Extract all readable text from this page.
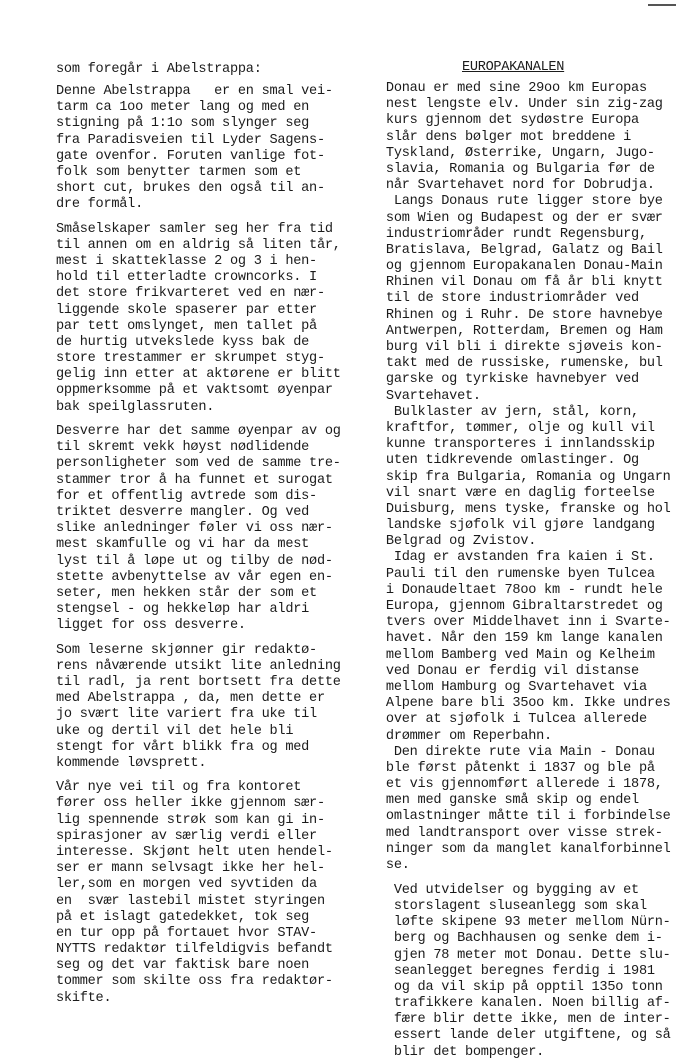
som foregår i Abelstrappa:

Denne Abelstrappa   er en smal vei-
tarm ca 1oo meter lang og med en
stigning på 1:1o som slynger seg
fra Paradisveien til Lyder Sagens-
gate ovenfor. Foruten vanlige fot-
folk som benytter tarmen som et
short cut, brukes den også til an-
dre formål.
Småselskaper samler seg her fra tid
til annen om en aldrig så liten tår,
mest i skatteklasse 2 og 3 i hen-
hold til etterladte crowncorks. I
det store frikvarteret ved en nær-
liggende skole spaserer par etter
par tett omslynget, men tallet på
de hurtig utvekslede kyss bak de
store trestammer er skrumpet styg-
gelig inn etter at aktørene er blitt
oppmerksomme på et vaktsomt øyenpar
bak speilglassruten.
Desverre har det samme øyenpar av og
til skremt vekk høyst nødlidende
personligheter som ved de samme tre-
stammer tror å ha funnet et surogat
for et offentlig avtrede som dis-
triktet desverre mangler. Og ved
slike anledninger føler vi oss nær-
mest skamfulle og vi har da mest
lyst til å løpe ut og tilby de nød-
stette avbenyttelse av vår egen en-
seter, men hekken står der som et
stengsel - og hekkeløp har aldri
ligget for oss desverre.
Som leserne skjønner gir redaktø-
rens nåværende utsikt lite anledning
til radl, ja rent bortsett fra dette
med Abelstrappa , da, men dette er
jo svært lite variert fra uke til
uke og dertil vil det hele bli
stengt for vårt blikk fra og med
kommende løvsprett.
Vår nye vei til og fra kontoret
fører oss heller ikke gjennom sær-
lig spennende strøk som kan gi in-
spirasjoner av særlig verdi eller
interesse. Skjønt helt uten hendel-
ser er mann selvsagt ikke her hel-
ler,som en morgen ved syvtiden da
en  svær lastebil mistet styringen
på et islagt gatedekket, tok seg
en tur opp på fortauet hvor STAV-
NYTTS redaktør tilfeldigvis befandt
seg og det var faktisk bare noen
tommer som skilte oss fra redaktør-
skifte.

EUROPAKANALEN

Donau er med sine 29oo km Europas
nest lengste elv. Under sin zig-zag
kurs gjennom det sydøstre Europa
slår dens bølger mot breddene i
Tyskland, Østerrike, Ungarn, Jugo-
slavia, Romania og Bulgaria før de
når Svartehavet nord for Dobrudja.
Langs Donaus rute ligger store bye
som Wien og Budapest og der er svær
industriområder rundt Regensburg,
Bratislava, Belgrad, Galatz og Bail
og gjennom Europakanalen Donau-Main
Rhinen vil Donau om få år bli knytt
til de store industriområder ved
Rhinen og i Ruhr. De store havnebye
Antwerpen, Rotterdam, Bremen og Ham
burg vil bli i direkte sjøveis kon-
takt med de russiske, rumenske, bul
garske og tyrkiske havnebyer ved
Svartehavet.
Bulklaster av jern, stål, korn,
kraftfor, tømmer, olje og kull vil
kunne transporteres i innlandsskip
uten tidkrevende omlastinger. Og
skip fra Bulgaria, Romania og Ungarn
vil snart være en daglig forteelse
Duisburg, mens tyske, franske og hol
landske sjøfolk vil gjøre landgang
Belgrad og Zvistov.
Idag er avstanden fra kaien i St.
Pauli til den rumenske byen Tulcea
i Donaudeltaet 78oo km - rundt hele
Europa, gjennom Gibraltarstredet og
tvers over Middelhavet inn i Svarte-
havet. Når den 159 km lange kanalen
mellom Bamberg ved Main og Kelheim
ved Donau er ferdig vil distanse
mellom Hamburg og Svartehavet via
Alpene bare bli 35oo km. Ikke undres
over at sjøfolk i Tulcea allerede
drømmer om Reperbahn.
Den direkte rute via Main - Donau
ble først påtenkt i 1837 og ble på
et vis gjennomført allerede i 1878,
men med ganske små skip og endel
omlastninger måtte til i forbindelse
med landtransport over visse strek-
ninger som da manglet kanalforbinnel
se.
Ved utvidelser og bygging av et
storslagent sluseanlegg som skal
løfte skipene 93 meter mellom Nürn-
berg og Bachhausen og senke dem i-
gjen 78 meter mot Donau. Dette slu-
seanlegget beregnes ferdig i 1981
og da vil skip på opptil 135o tonn
trafikkere kanalen. Noen billig af-
fære blir dette ikke, men de inter-
essert lande deler utgiftene, og så
blir det bompenger.
